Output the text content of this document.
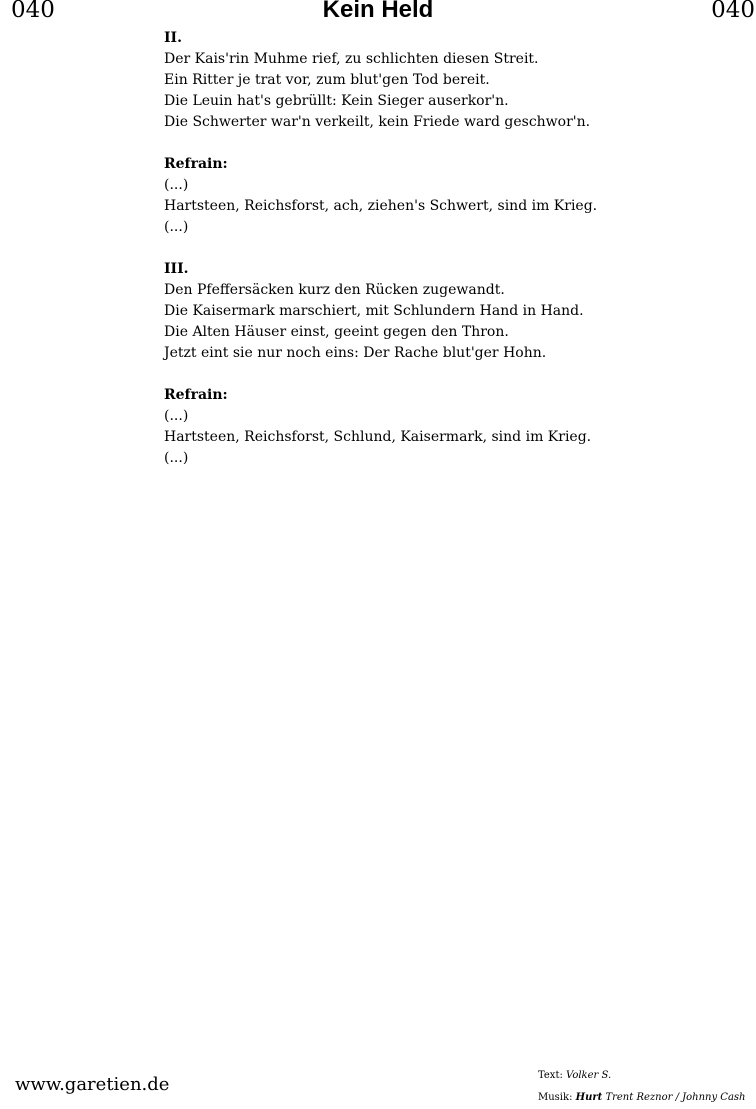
040	Kein Held	040
II.
Der Kais'rin Muhme rief, zu schlichten diesen Streit.
Ein Ritter je trat vor, zum blut'gen Tod bereit.
Die Leuin hat's gebrüllt: Kein Sieger auserkor'n.
Die Schwerter war'n verkeilt, kein Friede ward geschwor'n.
Refrain:
(...)
Hartsteen, Reichsforst, ach, ziehen's Schwert, sind im Krieg.
(...)
III.
Den Pfeffersäcken kurz den Rücken zugewandt.
Die Kaisermark marschiert, mit Schlundern Hand in Hand.
Die Alten Häuser einst, geeint gegen den Thron.
Jetzt eint sie nur noch eins: Der Rache blut'ger Hohn.
Refrain:
(...)
Hartsteen, Reichsforst, Schlund, Kaisermark, sind im Krieg.
(...)
www.garetien.de	Text: Volker S.
Musik: Hurt Trent Reznor / Johnny Cash
